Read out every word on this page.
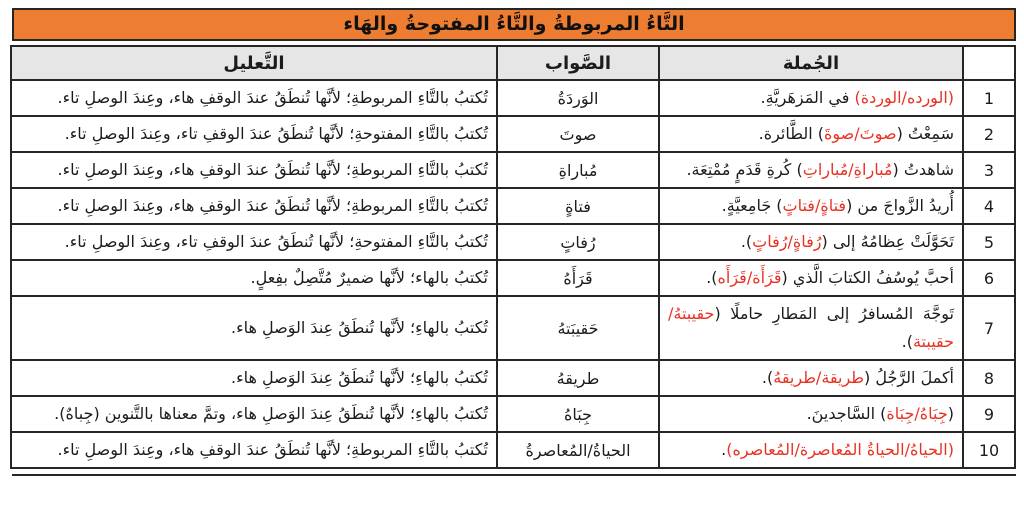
التَّاءُ المربوطةُ والتَّاءُ المفتوحةُ والهَاء
	الجُملة	الصَّواب	التَّعليل
1	(الورده/الوردة) في المَزهَريَّةِ.	الوَردَةُ	تُكتبُ بالتَّاءِ المربوطةِ؛ لأنَّها تُنطَقُ عندَ الوقفِ هاء، وعِندَ الوصلِ تاء.
2	سَمِعْتُ (صوتَ/صوةَ) الطَّائرة.	صوتَ	تُكتبُ بالتَّاءِ المفتوحةِ؛ لأنَّها تُنطَقُ عندَ الوقفِ تاء، وعِندَ الوصلِ تاء.
3	شاهدتُ (مُباراةِ/مُباراتِ) كُرةِ قَدَمٍ مُمْتِعَة.	مُباراةِ	تُكتبُ بالتَّاءِ المربوطةِ؛ لأنَّها تُنطَقُ عندَ الوقفِ هاء، وعِندَ الوصلِ تاء.
4	أُريدُ الزَّواجَ من (فتاةٍ/فتاتٍ) جَامِعيَّةٍ.	فتاةٍ	تُكتبُ بالتَّاءِ المربوطةِ؛ لأنَّها تُنطَقُ عندَ الوقفِ هاء، وعِندَ الوصلِ تاء.
5	تَحَوَّلَتْ عِظامُهُ إلى (رُفاةٍ/رُفاتٍ).	رُفاتٍ	تُكتبُ بالتَّاءِ المفتوحةِ؛ لأنَّها تُنطَقُ عندَ الوقفِ تاء، وعِندَ الوصلِ تاء.
6	أحبَّ يُوسُفُ الكتابَ الَّذي (قَرَأَة/قَرَأَه).	قَرَأَهُ	تُكتبُ بالهاء؛ لأنَّها ضميرٌ مُتَّصِلٌ بفِعلٍ.
7	تَوجَّهَ المُسافرُ إلى المَطارِ حاملًا (حقيبتهُ/حقيبتة).	حَقيبَتهُ	تُكتبُ بالهاءِ؛ لأنَّها تُنطَقُ عِندَ الوَصلِ هاء.
8	أكملَ الرَّجُلُ (طريقة/طريقهُ).	طريقهُ	تُكتبُ بالهاءِ؛ لأنَّها تُنطَقُ عِندَ الوَصلِ هاء.
9	(جِبَاهُ/جِبَاة) السَّاجدينَ.	جِبَاهُ	تُكتبُ بالهاءِ؛ لأنَّها تُنطَقُ عِندَ الوَصلِ هاء، وتمَّ معناها بالتَّنوين (جِباهٌ).
10	(الحياهُ/الحياةُ المُعاصرة/المُعاصره).	الحياةُ/المُعاصرةُ	تُكتبُ بالتَّاءِ المربوطةِ؛ لأنَّها تُنطَقُ عندَ الوقفِ هاء، وعِندَ الوصلِ تاء.
